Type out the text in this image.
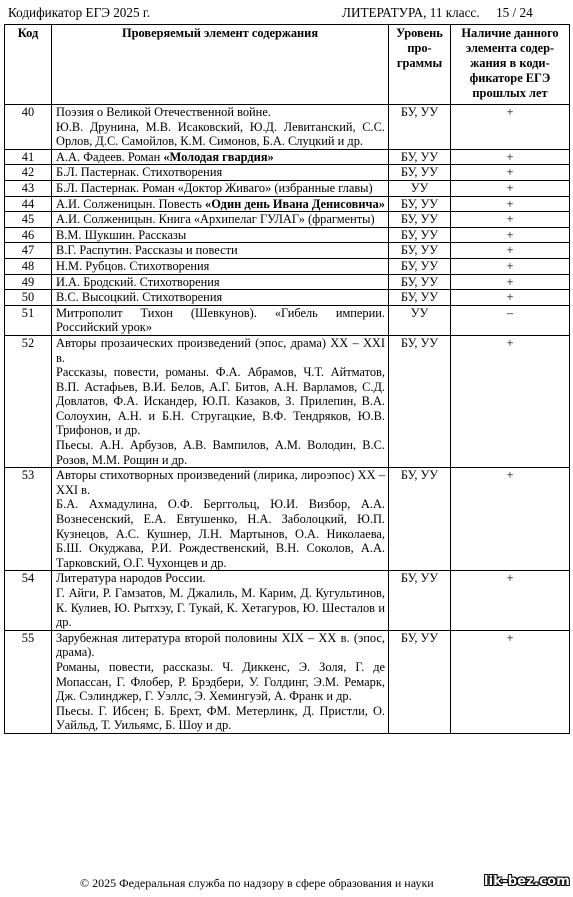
Кодификатор ЕГЭ 2025 г.	ЛИТЕРАТУРА, 11 класс.     15 / 24
Код	Проверяемый элемент содержания	Уровень про- граммы	Наличие данного элемента содер- жания в коди- фикаторе ЕГЭ прошлых лет
40	Поэзия о Великой Отечественной войне.
Ю.В. Друнина, М.В. Исаковский, Ю.Д. Левитанский, С.С. Орлов, Д.С. Самойлов, К.М. Симонов, Б.А. Слуцкий и др.	БУ, УУ	+
41	А.А. Фадеев. Роман «Молодая гвардия»	БУ, УУ	+
42	Б.Л. Пастернак. Стихотворения	БУ, УУ	+
43	Б.Л. Пастернак. Роман «Доктор Живаго» (избранные главы)	УУ	+
44	А.И. Солженицын. Повесть «Один день Ивана Денисовича»	БУ, УУ	+
45	А.И. Солженицын. Книга «Архипелаг ГУЛАГ» (фрагменты)	БУ, УУ	+
46	В.М. Шукшин. Рассказы	БУ, УУ	+
47	В.Г. Распутин. Рассказы и повести	БУ, УУ	+
48	Н.М. Рубцов. Стихотворения	БУ, УУ	+
49	И.А. Бродский. Стихотворения	БУ, УУ	+
50	В.С. Высоцкий. Стихотворения	БУ, УУ	+
51	Митрополит Тихон (Шевкунов). «Гибель империи. Российский урок»	УУ	–
52	Авторы прозаических произведений (эпос, драма) XX – XXI в.
Рассказы, повести, романы. Ф.А. Абрамов, Ч.Т. Айтматов, В.П. Астафьев, В.И. Белов, А.Г. Битов, А.Н. Варламов, С.Д. Довлатов, Ф.А. Искандер, Ю.П. Казаков, З. Прилепин, В.А. Солоухин, А.Н. и Б.Н. Стругацкие, В.Ф. Тендряков, Ю.В. Трифонов, и др.
Пьесы. А.Н. Арбузов, А.В. Вампилов, А.М. Володин, В.С. Розов, М.М. Рощин и др.	БУ, УУ	+
53	Авторы стихотворных произведений (лирика, лироэпос) XX – XXI в.
Б.А. Ахмадулина, О.Ф. Берггольц, Ю.И. Визбор, А.А. Вознесенский, Е.А. Евтушенко, Н.А. Заболоцкий, Ю.П. Кузнецов, А.С. Кушнер, Л.Н. Мартынов, О.А. Николаева, Б.Ш. Окуджава, Р.И. Рождественский, В.Н. Соколов, А.А. Тарковский, О.Г. Чухонцев и др.	БУ, УУ	+
54	Литература народов России.
Г. Айги, Р. Гамзатов, М. Джалиль, М. Карим, Д. Кугультинов, К. Кулиев, Ю. Рытхэу, Г. Тукай, К. Хетагуров, Ю. Шесталов и др.	БУ, УУ	+
55	Зарубежная литература второй половины XIX – XX в. (эпос, драма).
Романы, повести, рассказы. Ч. Диккенс, Э. Золя, Г. де Мопассан, Г. Флобер, Р. Брэдбери, У. Голдинг, Э.М. Ремарк, Дж. Сэлинджер, Г. Уэллс, Э. Хемингуэй, А. Франк и др.
Пьесы. Г. Ибсен; Б. Брехт, ФМ. Метерлинк, Д. Пристли, О. Уайльд, Т. Уильямс, Б. Шоу и др.	БУ, УУ	+
© 2025 Федеральная служба по надзору в сфере образования и науки	lik-bez.com
